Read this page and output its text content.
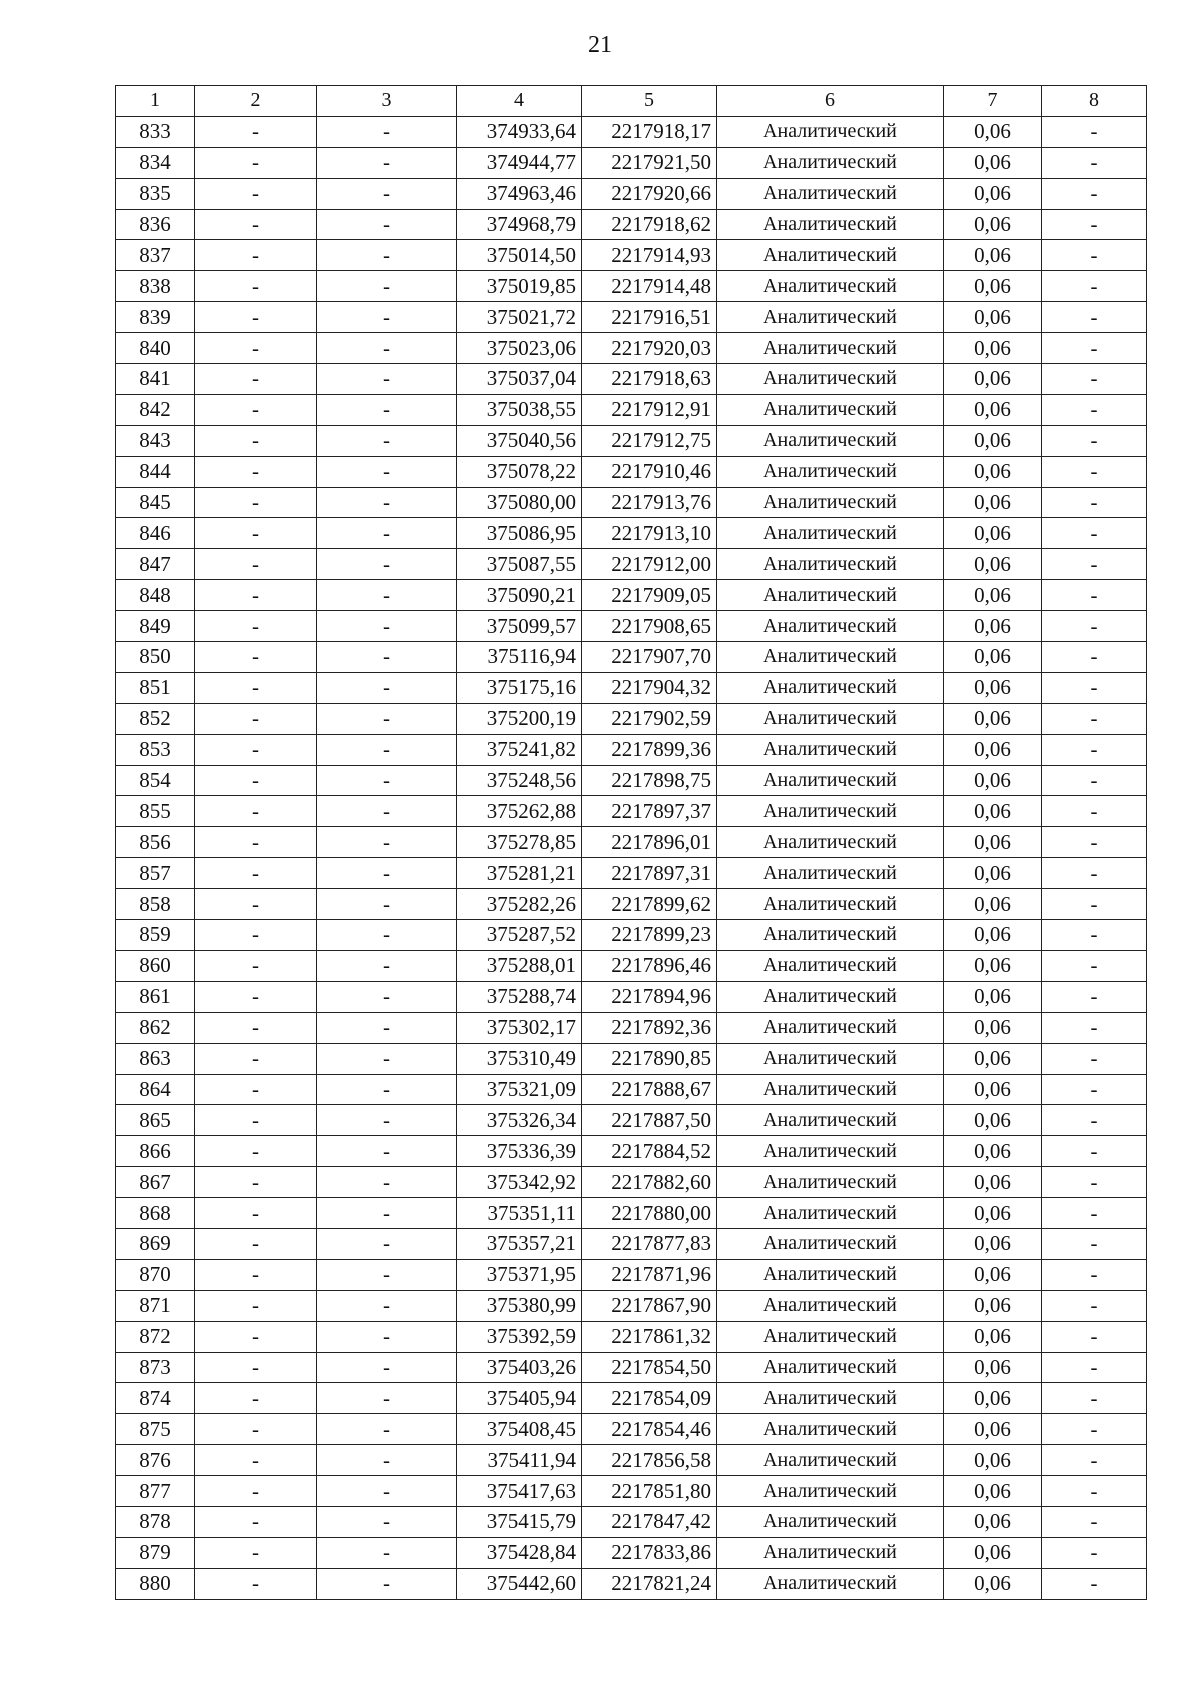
21
1	2	3	4	5	6	7	8
833	-	-	374933,64	2217918,17	Аналитический	0,06	-
834	-	-	374944,77	2217921,50	Аналитический	0,06	-
835	-	-	374963,46	2217920,66	Аналитический	0,06	-
836	-	-	374968,79	2217918,62	Аналитический	0,06	-
837	-	-	375014,50	2217914,93	Аналитический	0,06	-
838	-	-	375019,85	2217914,48	Аналитический	0,06	-
839	-	-	375021,72	2217916,51	Аналитический	0,06	-
840	-	-	375023,06	2217920,03	Аналитический	0,06	-
841	-	-	375037,04	2217918,63	Аналитический	0,06	-
842	-	-	375038,55	2217912,91	Аналитический	0,06	-
843	-	-	375040,56	2217912,75	Аналитический	0,06	-
844	-	-	375078,22	2217910,46	Аналитический	0,06	-
845	-	-	375080,00	2217913,76	Аналитический	0,06	-
846	-	-	375086,95	2217913,10	Аналитический	0,06	-
847	-	-	375087,55	2217912,00	Аналитический	0,06	-
848	-	-	375090,21	2217909,05	Аналитический	0,06	-
849	-	-	375099,57	2217908,65	Аналитический	0,06	-
850	-	-	375116,94	2217907,70	Аналитический	0,06	-
851	-	-	375175,16	2217904,32	Аналитический	0,06	-
852	-	-	375200,19	2217902,59	Аналитический	0,06	-
853	-	-	375241,82	2217899,36	Аналитический	0,06	-
854	-	-	375248,56	2217898,75	Аналитический	0,06	-
855	-	-	375262,88	2217897,37	Аналитический	0,06	-
856	-	-	375278,85	2217896,01	Аналитический	0,06	-
857	-	-	375281,21	2217897,31	Аналитический	0,06	-
858	-	-	375282,26	2217899,62	Аналитический	0,06	-
859	-	-	375287,52	2217899,23	Аналитический	0,06	-
860	-	-	375288,01	2217896,46	Аналитический	0,06	-
861	-	-	375288,74	2217894,96	Аналитический	0,06	-
862	-	-	375302,17	2217892,36	Аналитический	0,06	-
863	-	-	375310,49	2217890,85	Аналитический	0,06	-
864	-	-	375321,09	2217888,67	Аналитический	0,06	-
865	-	-	375326,34	2217887,50	Аналитический	0,06	-
866	-	-	375336,39	2217884,52	Аналитический	0,06	-
867	-	-	375342,92	2217882,60	Аналитический	0,06	-
868	-	-	375351,11	2217880,00	Аналитический	0,06	-
869	-	-	375357,21	2217877,83	Аналитический	0,06	-
870	-	-	375371,95	2217871,96	Аналитический	0,06	-
871	-	-	375380,99	2217867,90	Аналитический	0,06	-
872	-	-	375392,59	2217861,32	Аналитический	0,06	-
873	-	-	375403,26	2217854,50	Аналитический	0,06	-
874	-	-	375405,94	2217854,09	Аналитический	0,06	-
875	-	-	375408,45	2217854,46	Аналитический	0,06	-
876	-	-	375411,94	2217856,58	Аналитический	0,06	-
877	-	-	375417,63	2217851,80	Аналитический	0,06	-
878	-	-	375415,79	2217847,42	Аналитический	0,06	-
879	-	-	375428,84	2217833,86	Аналитический	0,06	-
880	-	-	375442,60	2217821,24	Аналитический	0,06	-
